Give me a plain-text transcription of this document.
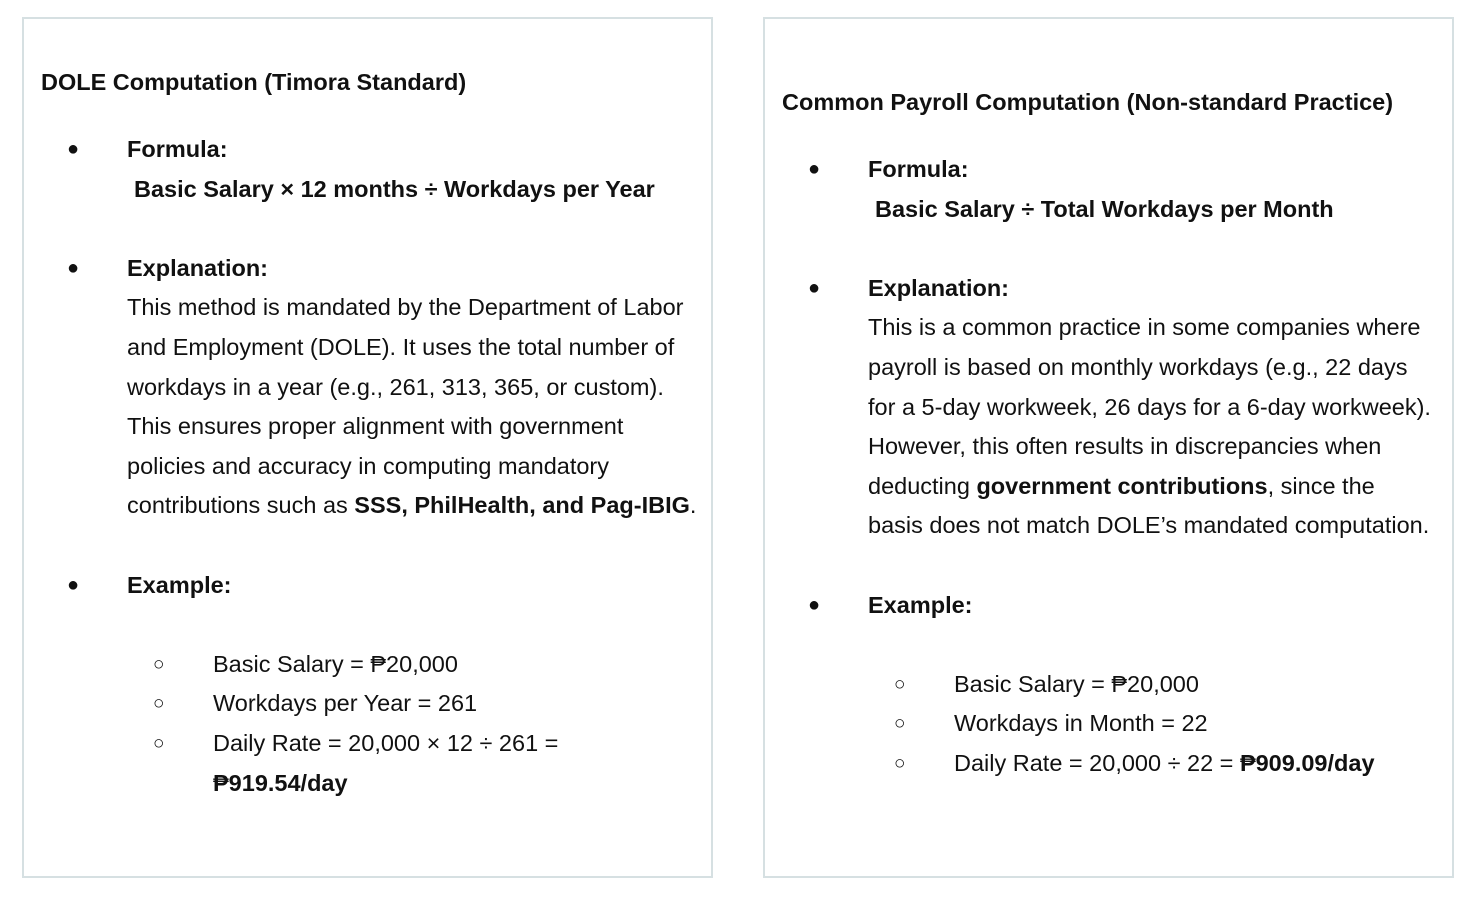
DOLE Computation (Timora Standard)
● Formula:
Basic Salary × 12 months ÷ Workdays per Year
● Explanation:
This method is mandated by the Department of Labor and Employment (DOLE). It uses the total number of workdays in a year (e.g., 261, 313, 365, or custom). This ensures proper alignment with government policies and accuracy in computing mandatory contributions such as SSS, PhilHealth, and Pag-IBIG.
● Example:
○ Basic Salary = ₱20,000
○ Workdays per Year = 261
○ Daily Rate = 20,000 × 12 ÷ 261 =
₱919.54/day
Common Payroll Computation (Non-standard Practice)
● Formula:
Basic Salary ÷ Total Workdays per Month
● Explanation:
This is a common practice in some companies where payroll is based on monthly workdays (e.g., 22 days for a 5-day workweek, 26 days for a 6-day workweek). However, this often results in discrepancies when deducting government contributions, since the basis does not match DOLE’s mandated computation.
● Example:
○ Basic Salary = ₱20,000
○ Workdays in Month = 22
○ Daily Rate = 20,000 ÷ 22 = ₱909.09/day
